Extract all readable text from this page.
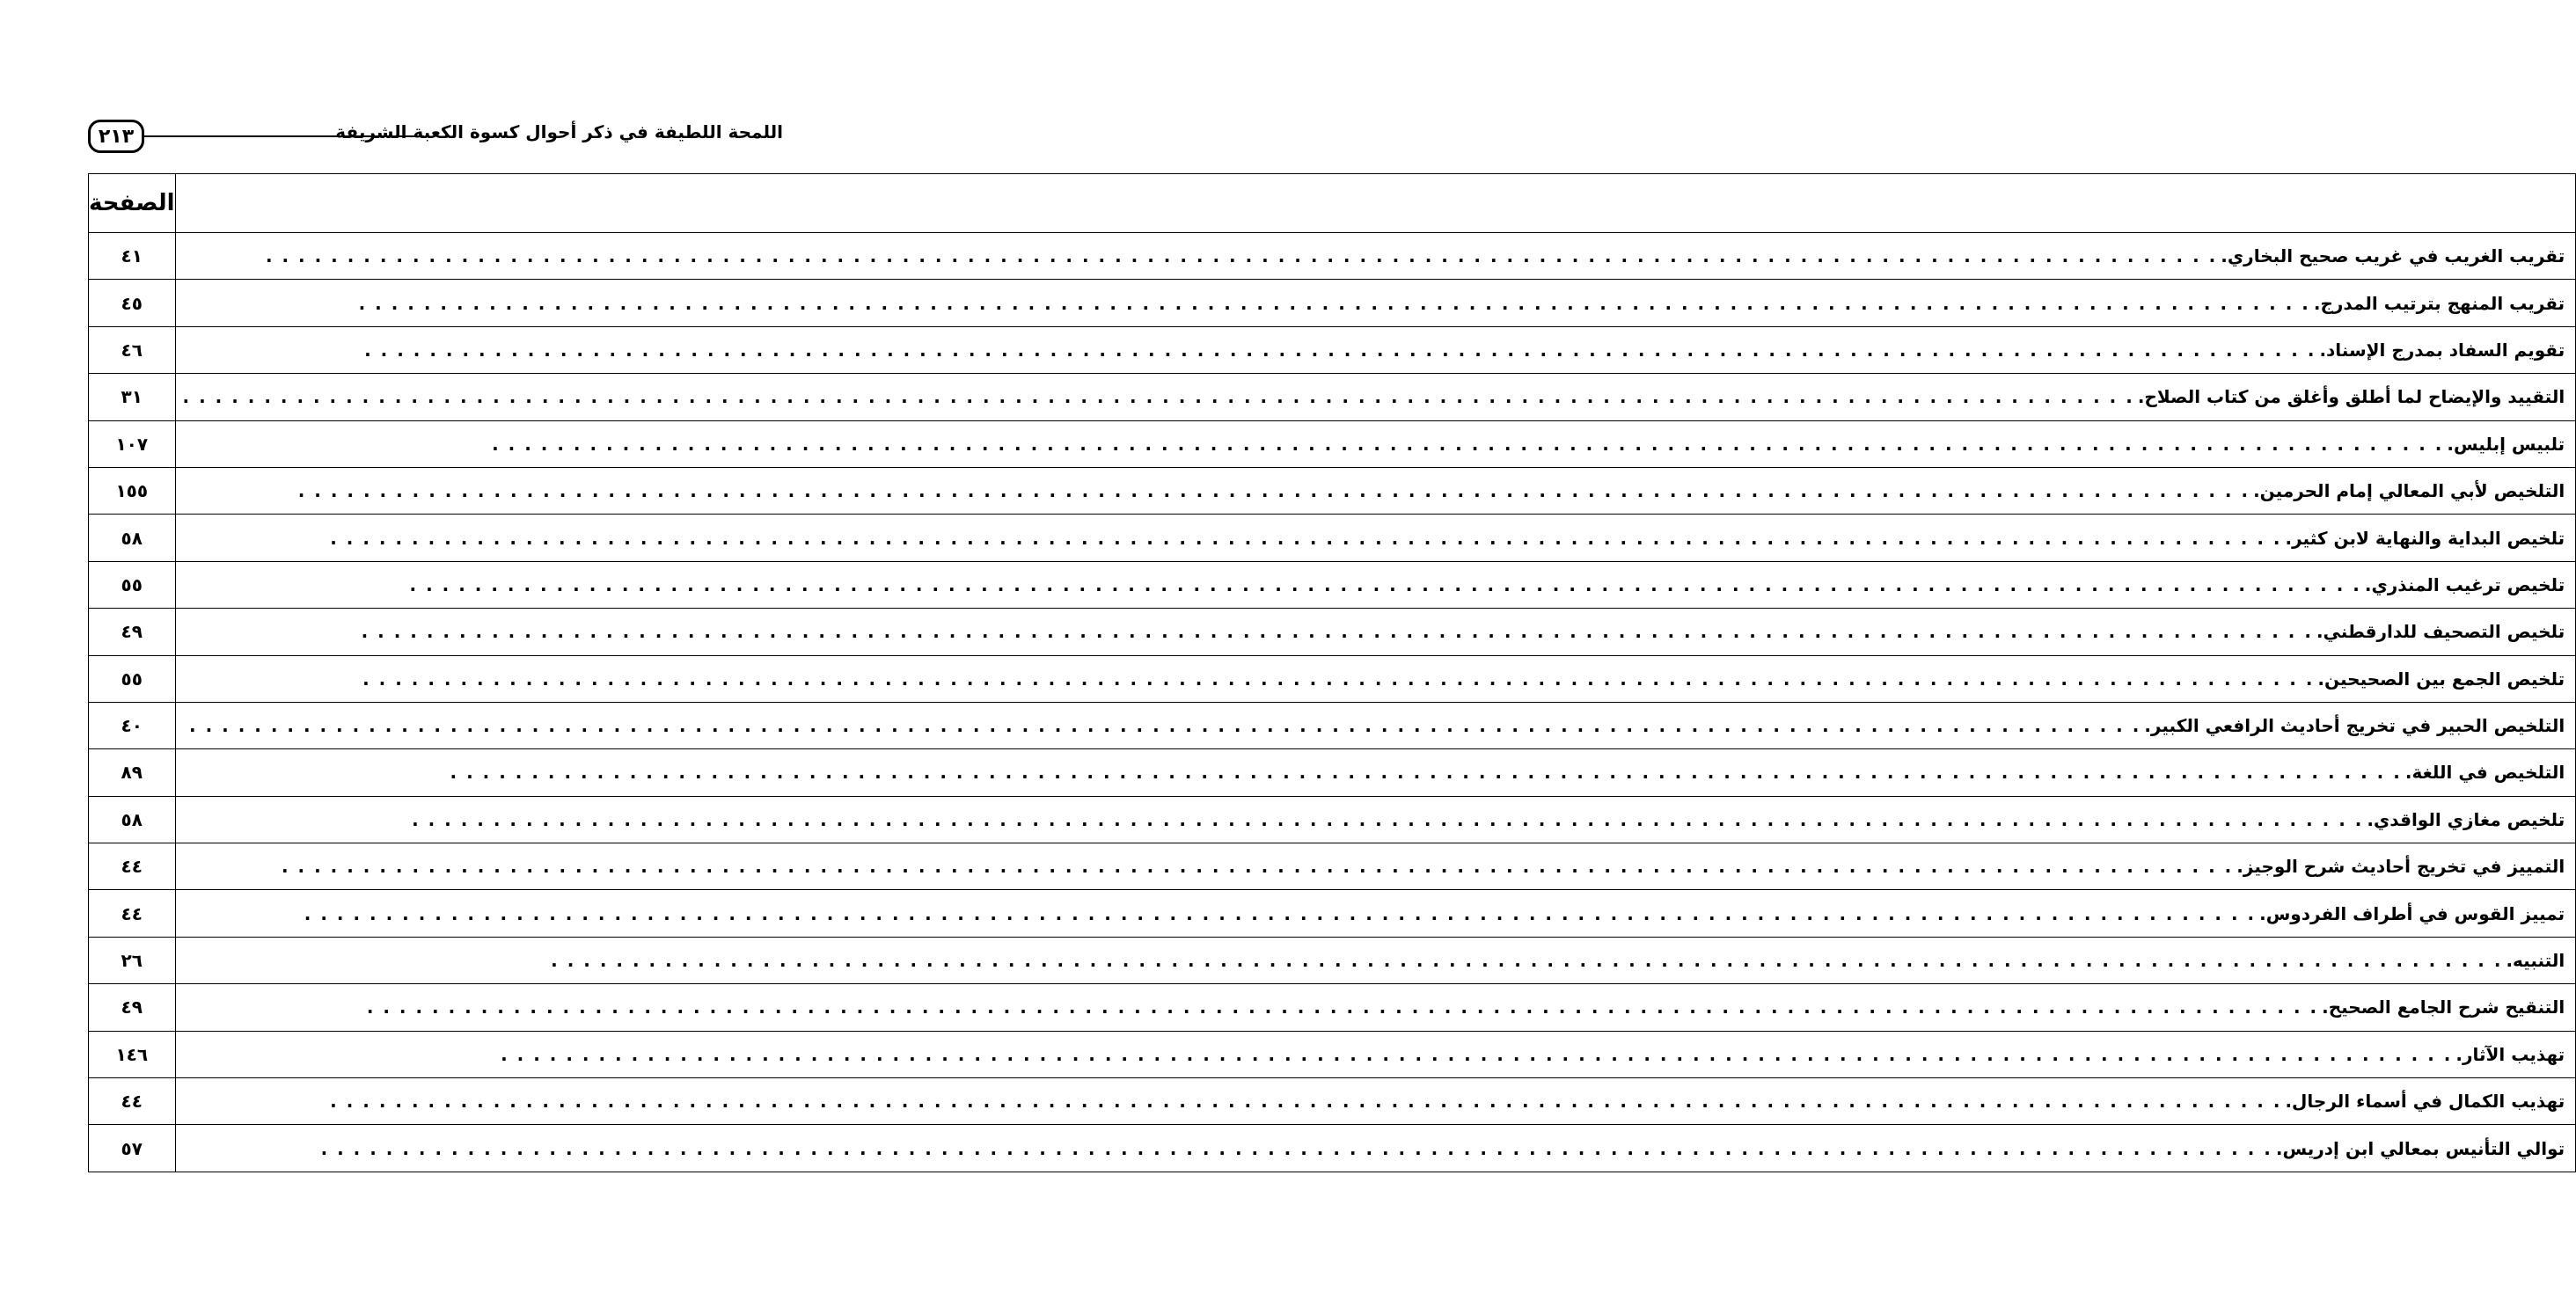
٢١٣	اللمحة اللطيفة في ذكر أحوال كسوة الكعبة الشريفة
	الصفحة

تقريب الغريب في غريب صحيح البخاري.
. . . . . . . . . . . . . . . . . . . . . . . . . . . . . . . . . . . . . . . . . . . . . . . . . . . . . . . . . . . . . . . . . . . . . . . . . . . . . . . . . . . . . . . . . . . . . . . . . . . . . . . . . . . . . . . . . . . . . . . .	٤١

تقريب المنهج بترتيب المدرج.
. . . . . . . . . . . . . . . . . . . . . . . . . . . . . . . . . . . . . . . . . . . . . . . . . . . . . . . . . . . . . . . . . . . . . . . . . . . . . . . . . . . . . . . . . . . . . . . . . . . . . . . . . . . . . . . . . . . . . . . .	٤٥

تقويم السفاد بمدرج الإسناد.
. . . . . . . . . . . . . . . . . . . . . . . . . . . . . . . . . . . . . . . . . . . . . . . . . . . . . . . . . . . . . . . . . . . . . . . . . . . . . . . . . . . . . . . . . . . . . . . . . . . . . . . . . . . . . . . . . . . . . . . .	٤٦

التقييد والإيضاح لما أطلق وأغلق من كتاب الصلاح.
. . . . . . . . . . . . . . . . . . . . . . . . . . . . . . . . . . . . . . . . . . . . . . . . . . . . . . . . . . . . . . . . . . . . . . . . . . . . . . . . . . . . . . . . . . . . . . . . . . . . . . . . . . . . . . . . . . . . . . . .	٣١

تلبيس إبليس.
. . . . . . . . . . . . . . . . . . . . . . . . . . . . . . . . . . . . . . . . . . . . . . . . . . . . . . . . . . . . . . . . . . . . . . . . . . . . . . . . . . . . . . . . . . . . . . . . . . . . . . . . . . . . . . . . . . . . . . . .	١٠٧

التلخيص لأبي المعالي إمام الحرمين.
. . . . . . . . . . . . . . . . . . . . . . . . . . . . . . . . . . . . . . . . . . . . . . . . . . . . . . . . . . . . . . . . . . . . . . . . . . . . . . . . . . . . . . . . . . . . . . . . . . . . . . . . . . . . . . . . . . . . . . . .	١٥٥

تلخيص البداية والنهاية لابن كثير.
. . . . . . . . . . . . . . . . . . . . . . . . . . . . . . . . . . . . . . . . . . . . . . . . . . . . . . . . . . . . . . . . . . . . . . . . . . . . . . . . . . . . . . . . . . . . . . . . . . . . . . . . . . . . . . . . . . . . . . . .	٥٨

تلخيص ترغيب المنذري.
. . . . . . . . . . . . . . . . . . . . . . . . . . . . . . . . . . . . . . . . . . . . . . . . . . . . . . . . . . . . . . . . . . . . . . . . . . . . . . . . . . . . . . . . . . . . . . . . . . . . . . . . . . . . . . . . . . . . . . . .	٥٥

تلخيص التصحيف للدارقطني.
. . . . . . . . . . . . . . . . . . . . . . . . . . . . . . . . . . . . . . . . . . . . . . . . . . . . . . . . . . . . . . . . . . . . . . . . . . . . . . . . . . . . . . . . . . . . . . . . . . . . . . . . . . . . . . . . . . . . . . . .	٤٩

تلخيص الجمع بين الصحيحين.
. . . . . . . . . . . . . . . . . . . . . . . . . . . . . . . . . . . . . . . . . . . . . . . . . . . . . . . . . . . . . . . . . . . . . . . . . . . . . . . . . . . . . . . . . . . . . . . . . . . . . . . . . . . . . . . . . . . . . . . .	٥٥

التلخيص الحبير في تخريج أحاديث الرافعي الكبير.
. . . . . . . . . . . . . . . . . . . . . . . . . . . . . . . . . . . . . . . . . . . . . . . . . . . . . . . . . . . . . . . . . . . . . . . . . . . . . . . . . . . . . . . . . . . . . . . . . . . . . . . . . . . . . . . . . . . . . . . .	٤٠

التلخيص في اللغة.
. . . . . . . . . . . . . . . . . . . . . . . . . . . . . . . . . . . . . . . . . . . . . . . . . . . . . . . . . . . . . . . . . . . . . . . . . . . . . . . . . . . . . . . . . . . . . . . . . . . . . . . . . . . . . . . . . . . . . . . .	٨٩

تلخيص مغازي الواقدي.
. . . . . . . . . . . . . . . . . . . . . . . . . . . . . . . . . . . . . . . . . . . . . . . . . . . . . . . . . . . . . . . . . . . . . . . . . . . . . . . . . . . . . . . . . . . . . . . . . . . . . . . . . . . . . . . . . . . . . . . .	٥٨

التمييز في تخريج أحاديث شرح الوجيز.
. . . . . . . . . . . . . . . . . . . . . . . . . . . . . . . . . . . . . . . . . . . . . . . . . . . . . . . . . . . . . . . . . . . . . . . . . . . . . . . . . . . . . . . . . . . . . . . . . . . . . . . . . . . . . . . . . . . . . . . .	٤٤

تمييز القوس في أطراف الفردوس.
. . . . . . . . . . . . . . . . . . . . . . . . . . . . . . . . . . . . . . . . . . . . . . . . . . . . . . . . . . . . . . . . . . . . . . . . . . . . . . . . . . . . . . . . . . . . . . . . . . . . . . . . . . . . . . . . . . . . . . . .	٤٤

التنبيه.
. . . . . . . . . . . . . . . . . . . . . . . . . . . . . . . . . . . . . . . . . . . . . . . . . . . . . . . . . . . . . . . . . . . . . . . . . . . . . . . . . . . . . . . . . . . . . . . . . . . . . . . . . . . . . . . . . . . . . . . .	٢٦

التنقيح شرح الجامع الصحيح.
. . . . . . . . . . . . . . . . . . . . . . . . . . . . . . . . . . . . . . . . . . . . . . . . . . . . . . . . . . . . . . . . . . . . . . . . . . . . . . . . . . . . . . . . . . . . . . . . . . . . . . . . . . . . . . . . . . . . . . . .	٤٩

تهذيب الآثار.
. . . . . . . . . . . . . . . . . . . . . . . . . . . . . . . . . . . . . . . . . . . . . . . . . . . . . . . . . . . . . . . . . . . . . . . . . . . . . . . . . . . . . . . . . . . . . . . . . . . . . . . . . . . . . . . . . . . . . . . .	١٤٦

تهذيب الكمال في أسماء الرجال.
. . . . . . . . . . . . . . . . . . . . . . . . . . . . . . . . . . . . . . . . . . . . . . . . . . . . . . . . . . . . . . . . . . . . . . . . . . . . . . . . . . . . . . . . . . . . . . . . . . . . . . . . . . . . . . . . . . . . . . . .	٤٤

توالي التأنيس بمعالي ابن إدريس.
. . . . . . . . . . . . . . . . . . . . . . . . . . . . . . . . . . . . . . . . . . . . . . . . . . . . . . . . . . . . . . . . . . . . . . . . . . . . . . . . . . . . . . . . . . . . . . . . . . . . . . . . . . . . . . . . . . . . . . . .	٥٧
